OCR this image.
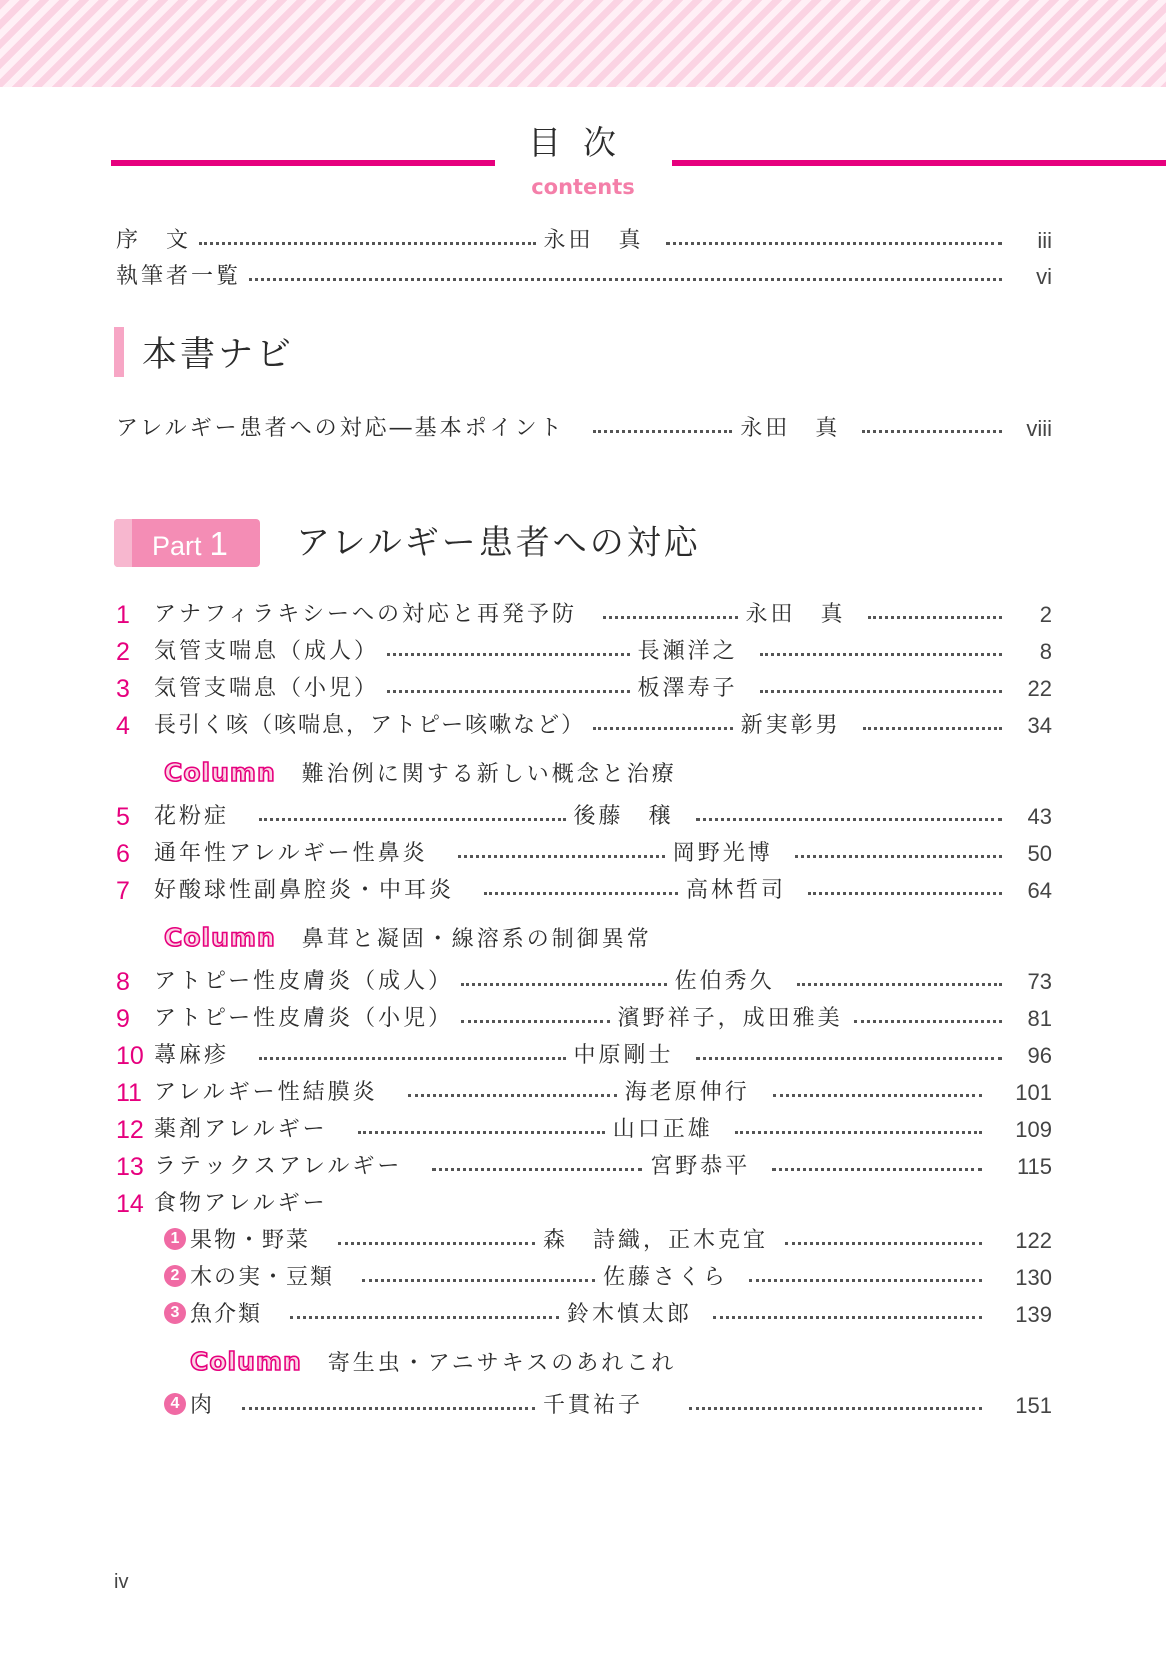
目次
contents
序　文	永田　真	iii
執筆者一覧	vi
本書ナビ
アレルギー患者への対応―基本ポイント	永田　真	viii
Part 1 アレルギー患者への対応
1	アナフィラキシーへの対応と再発予防	永田　真	2
2	気管支喘息（成人）	長瀬洋之	8
3	気管支喘息（小児）	板澤寿子	22
4	長引く咳（咳喘息，アトピー咳嗽など）	新実彰男	34
Column 難治例に関する新しい概念と治療
5	花粉症	後藤　穣	43
6	通年性アレルギー性鼻炎	岡野光博	50
7	好酸球性副鼻腔炎・中耳炎	高林哲司	64
Column 鼻茸と凝固・線溶系の制御異常
8	アトピー性皮膚炎（成人）	佐伯秀久	73
9	アトピー性皮膚炎（小児）	濱野祥子，成田雅美	81
10 蕁麻疹	中原剛士	96
11 アレルギー性結膜炎	海老原伸行	101
12 薬剤アレルギー	山口正雄	109
13 ラテックスアレルギー	宮野恭平	115
14 食物アレルギー
1 果物・野菜	森　詩織，正木克宜	122
2 木の実・豆類	佐藤さくら	130
3 魚介類	鈴木慎太郎	139
Column 寄生虫・アニサキスのあれこれ
4 肉	千貫祐子	151
iv
